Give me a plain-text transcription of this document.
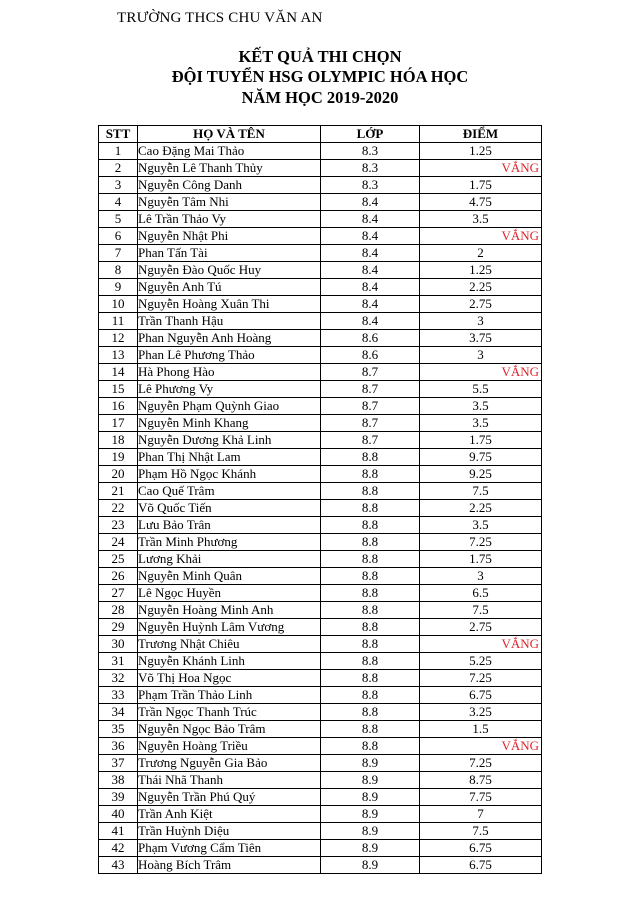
TRƯỜNG THCS CHU VĂN AN
KẾT QUẢ THI CHỌN
ĐỘI TUYỂN HSG OLYMPIC HÓA HỌC
NĂM HỌC 2019-2020
STT	HỌ VÀ TÊN	LỚP	ĐIỂM
1	Cao Đặng Mai Thảo	8.3	1.25
2	Nguyễn Lê Thanh Thủy	8.3	VẮNG
3	Nguyễn Công Danh	8.3	1.75
4	Nguyễn Tâm Nhi	8.4	4.75
5	Lê Trần Thảo Vy	8.4	3.5
6	Nguyễn Nhật Phi	8.4	VẮNG
7	Phan Tấn Tài	8.4	2
8	Nguyễn Đào Quốc Huy	8.4	1.25
9	Nguyễn Anh Tú	8.4	2.25
10	Nguyễn Hoàng Xuân Thi	8.4	2.75
11	Trần Thanh Hậu	8.4	3
12	Phan Nguyễn Anh Hoàng	8.6	3.75
13	Phan Lê Phương Thảo	8.6	3
14	Hà Phong Hào	8.7	VẮNG
15	Lê Phương Vy	8.7	5.5
16	Nguyễn Phạm Quỳnh Giao	8.7	3.5
17	Nguyễn Minh Khang	8.7	3.5
18	Nguyễn Dương Khả Linh	8.7	1.75
19	Phan Thị Nhật Lam	8.8	9.75
20	Phạm Hồ Ngọc Khánh	8.8	9.25
21	Cao Quế Trâm	8.8	7.5
22	Võ Quốc Tiến	8.8	2.25
23	Lưu Bảo Trân	8.8	3.5
24	Trần Minh Phương	8.8	7.25
25	Lương Khải	8.8	1.75
26	Nguyễn Minh Quân	8.8	3
27	Lê Ngọc Huyền	8.8	6.5
28	Nguyễn Hoàng Minh Anh	8.8	7.5
29	Nguyễn Huỳnh Lâm Vương	8.8	2.75
30	Trương Nhật Chiêu	8.8	VẮNG
31	Nguyễn Khánh Linh	8.8	5.25
32	Võ Thị Hoa Ngọc	8.8	7.25
33	Phạm Trần Thảo Linh	8.8	6.75
34	Trần Ngọc Thanh Trúc	8.8	3.25
35	Nguyễn Ngọc Bảo Trâm	8.8	1.5
36	Nguyễn Hoàng Triều	8.8	VẮNG
37	Trương Nguyễn Gia Bảo	8.9	7.25
38	Thái Nhã Thanh	8.9	8.75
39	Nguyễn Trần Phú Quý	8.9	7.75
40	Trần Anh Kiệt	8.9	7
41	Trần Huỳnh Diệu	8.9	7.5
42	Phạm Vương Cẩm Tiên	8.9	6.75
43	Hoàng Bích Trâm	8.9	6.75
